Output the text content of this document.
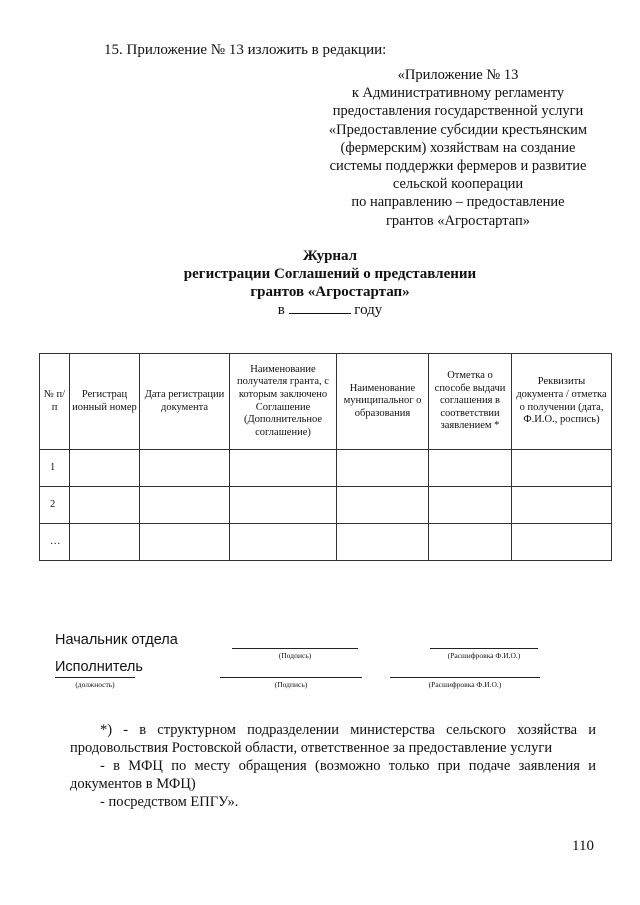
15. Приложение № 13 изложить в редакции:
«Приложение № 13
к Административному регламенту
предоставления государственной услуги
«Предоставление субсидии крестьянским
(фермерским) хозяйствам на создание
системы поддержки фермеров и развитие
сельской кооперации
по направлению – предоставление
грантов «Агростартап»
Журнал
регистрации Соглашений о представлении
грантов «Агростартап»
в	году
№ п/п	Регистрац ионный номер	Дата регистрации документа	Наименование получателя гранта, с которым заключено Соглашение (Дополнительное соглашение)	Наименование муниципальног о образования	Отметка о способе выдачи соглашения в соответствии заявлением *	Реквизиты документа / отметка о получении (дата, Ф.И.О., роспись)
1						
2						
…						
Начальник отдела
(Подпись)	(Расшифровка Ф.И.О.)
Исполнитель
(должность)	(Подпись)	(Расшифровка Ф.И.О.)

*) - в структурном подразделении министерства сельского хозяйства и продовольствия Ростовской области, ответственное за предоставление услуги

- в МФЦ по месту обращения (возможно только при подаче заявления и документов в МФЦ)

- посредством ЕПГУ».

110
